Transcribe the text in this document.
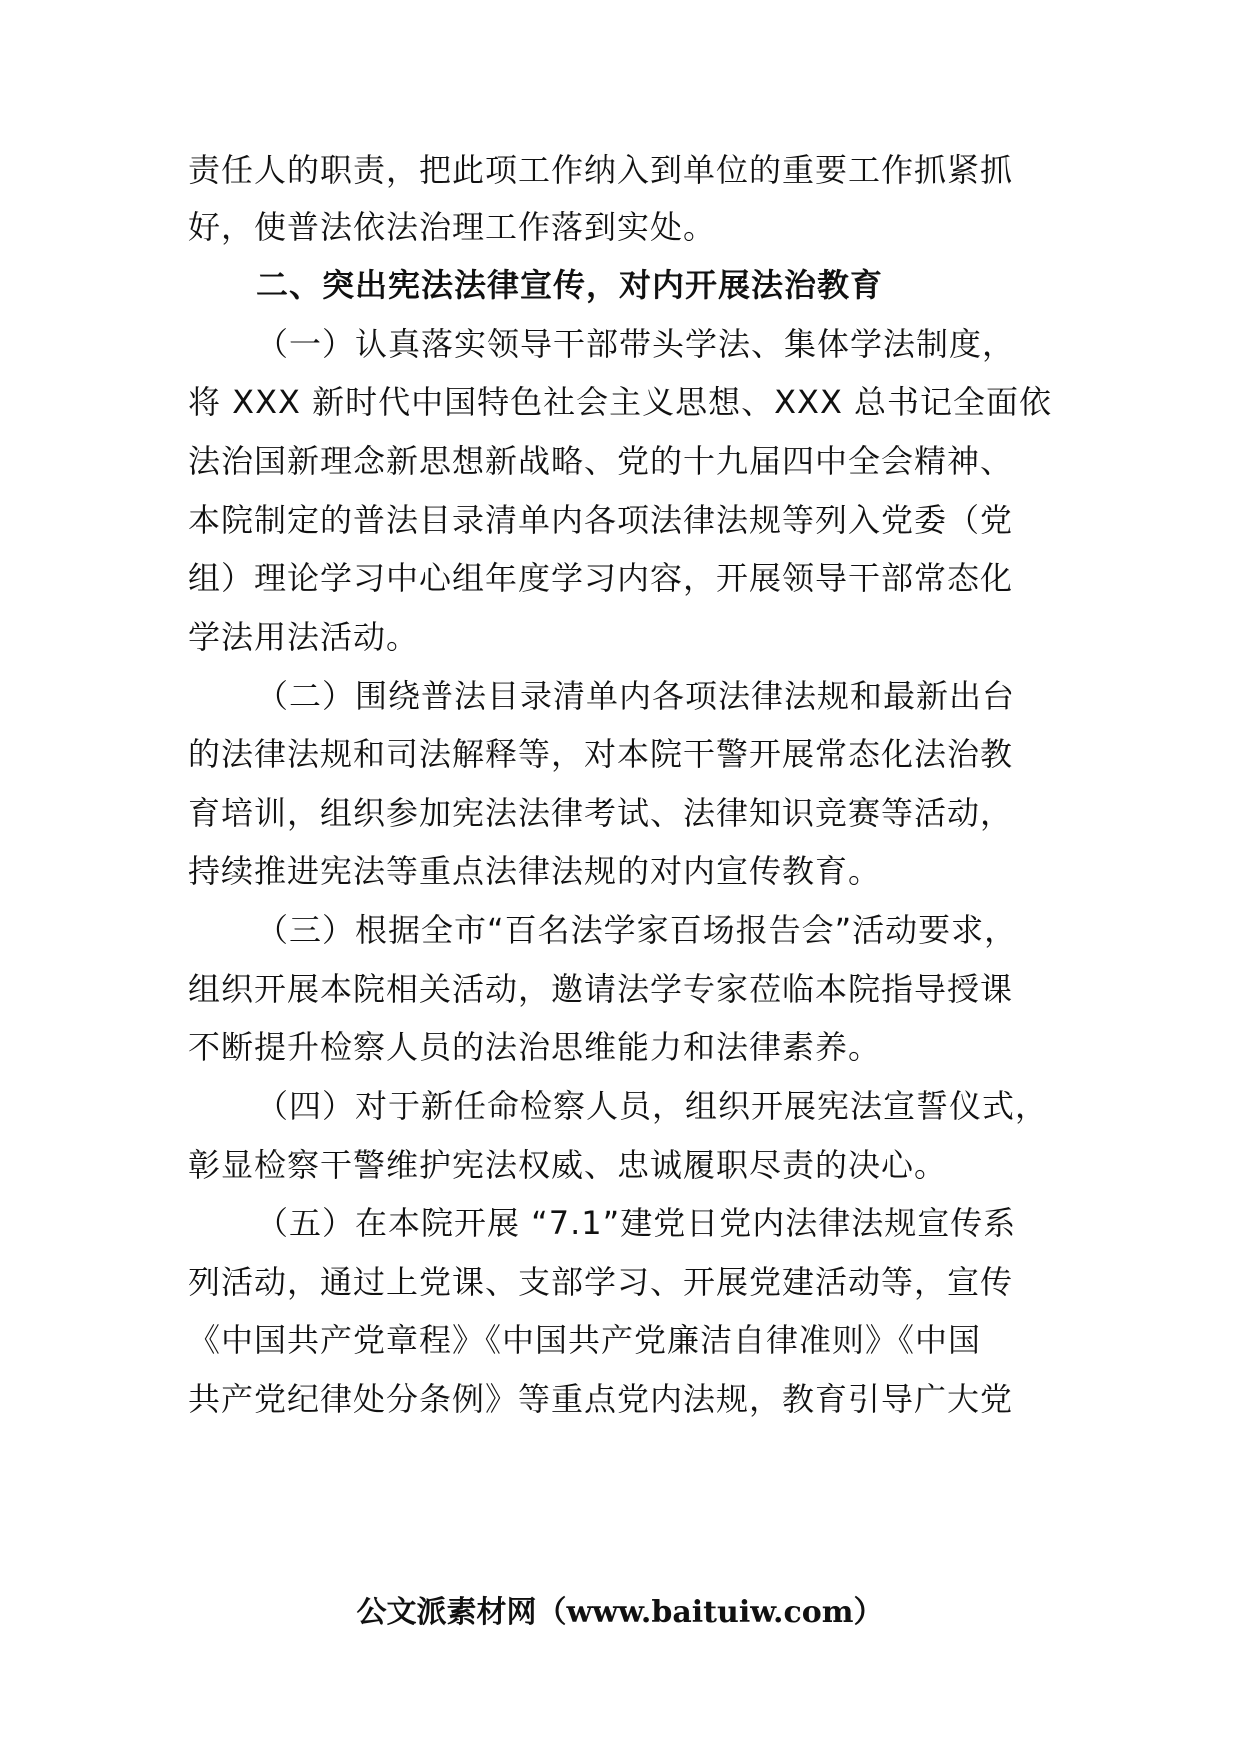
责任人的职责，把此项工作纳入到单位的重要工作抓紧抓
好，使普法依法治理工作落到实处。
二、突出宪法法律宣传，对内开展法治教育
（一）认真落实领导干部带头学法、集体学法制度，
将 XXX 新时代中国特色社会主义思想、XXX 总书记全面依
法治国新理念新思想新战略、党的十九届四中全会精神、
本院制定的普法目录清单内各项法律法规等列入党委（党
组）理论学习中心组年度学习内容，开展领导干部常态化
学法用法活动。
（二）围绕普法目录清单内各项法律法规和最新出台
的法律法规和司法解释等，对本院干警开展常态化法治教
育培训，组织参加宪法法律考试、法律知识竞赛等活动，
持续推进宪法等重点法律法规的对内宣传教育。
（三）根据全市“百名法学家百场报告会”活动要求，
组织开展本院相关活动，邀请法学专家莅临本院指导授课
不断提升检察人员的法治思维能力和法律素养。
（四）对于新任命检察人员，组织开展宪法宣誓仪式，
彰显检察干警维护宪法权威、忠诚履职尽责的决心。
（五）在本院开展 “7.1”建党日党内法律法规宣传系
列活动，通过上党课、支部学习、开展党建活动等，宣传
《中国共产党章程》《中国共产党廉洁自律准则》《中国
共产党纪律处分条例》等重点党内法规，教育引导广大党
公文派素材网（www.baituiw.com）
